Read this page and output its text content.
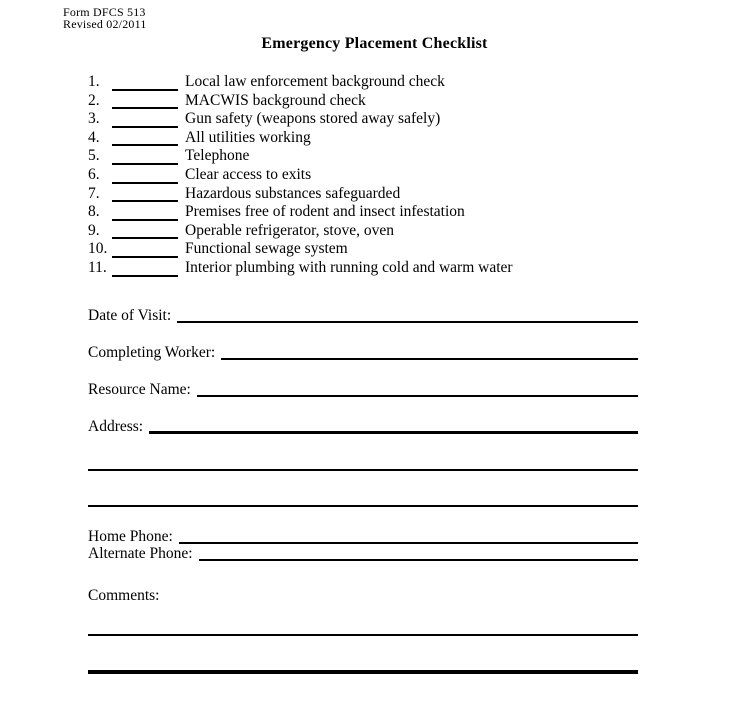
Form DFCS 513
Revised 02/2011
Emergency Placement Checklist
1.	Local law enforcement background check
2.	MACWIS background check
3.	Gun safety (weapons stored away safely)
4.	All utilities working
5.	Telephone
6.	Clear access to exits
7.	Hazardous substances safeguarded
8.	Premises free of rodent and insect infestation
9.	Operable refrigerator, stove, oven
10.	Functional sewage system
11.	Interior plumbing with running cold and warm water
Date of Visit:
Completing Worker:
Resource Name:
Address:
Home Phone:
Alternate Phone:
Comments:
